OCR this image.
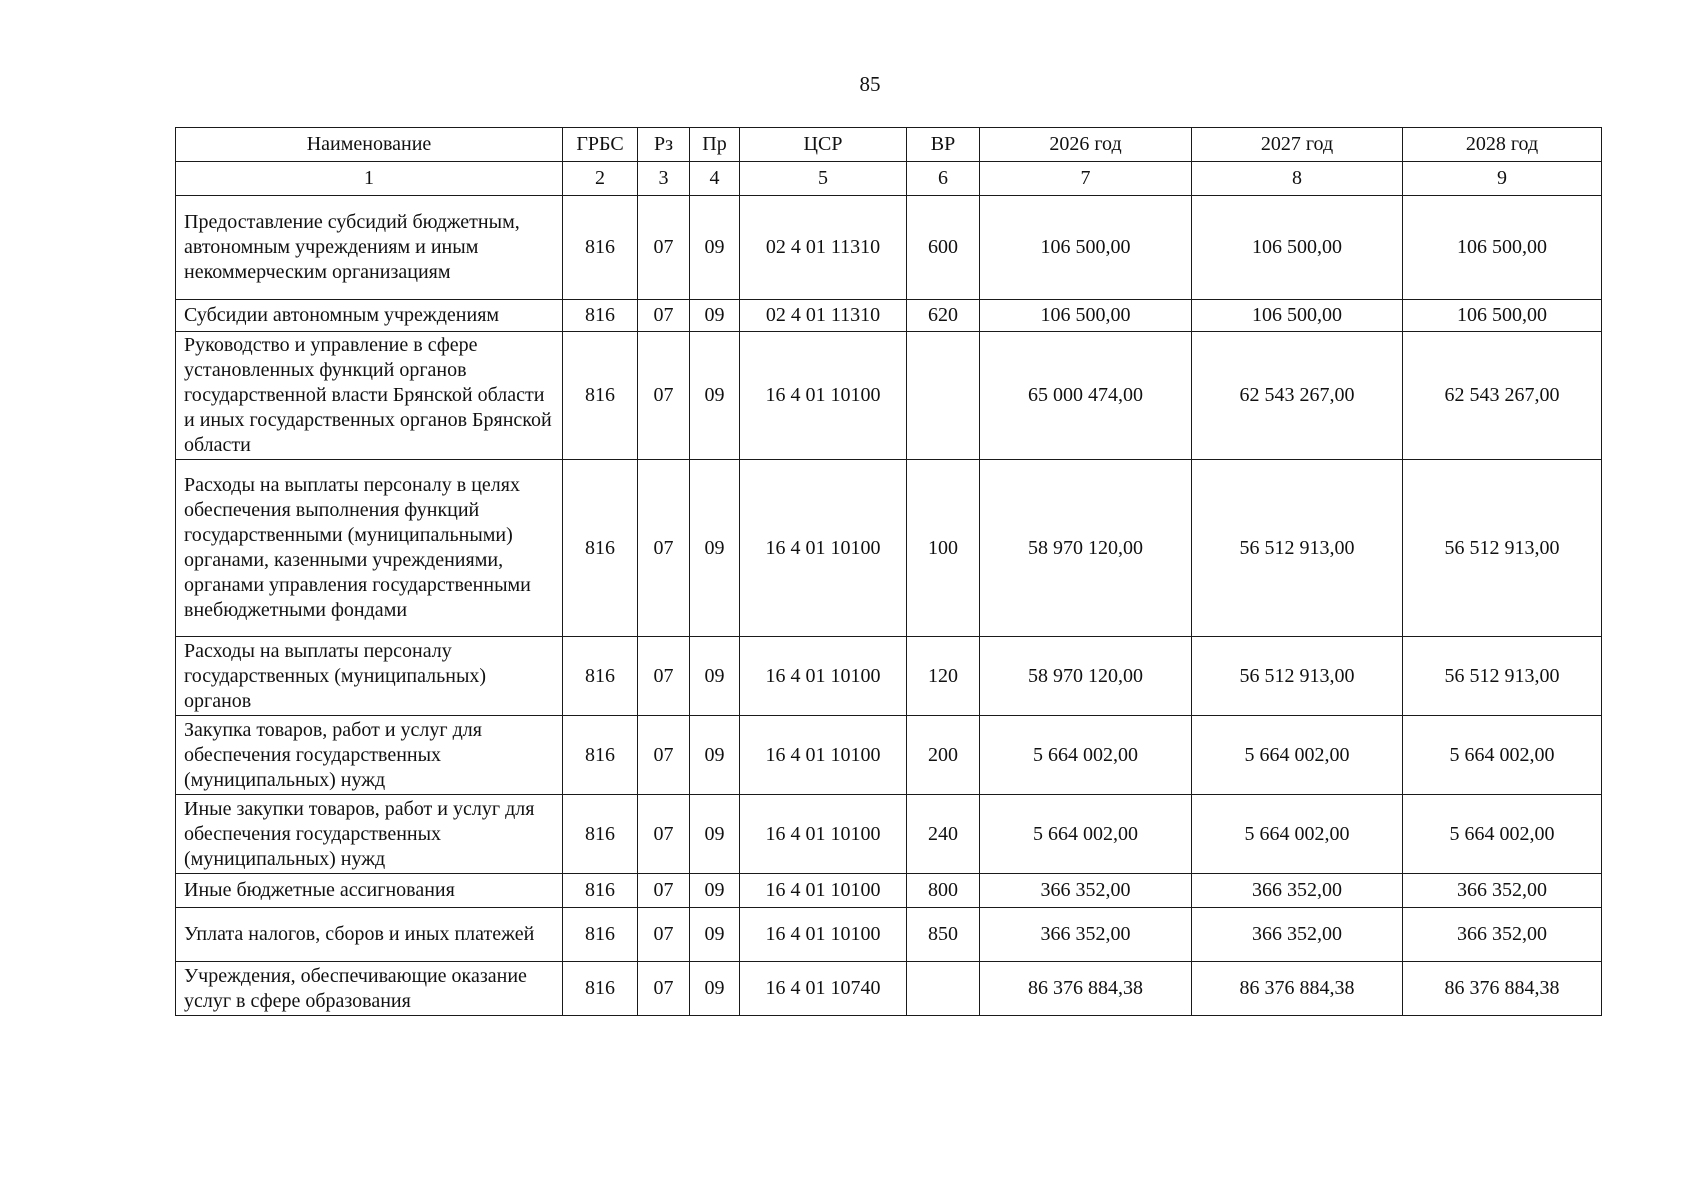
85
Наименование	ГРБС	Рз	Пр	ЦСР	ВР	2026 год	2027 год	2028 год
1	2	3	4	5	6	7	8	9
Предоставление субсидий бюджетным, автономным учреждениям и иным некоммерческим организациям	816	07	09	02 4 01 11310	600	106 500,00	106 500,00	106 500,00
Субсидии автономным учреждениям	816	07	09	02 4 01 11310	620	106 500,00	106 500,00	106 500,00
Руководство и управление в сфере установленных функций органов государственной власти Брянской области и иных государственных органов Брянской области	816	07	09	16 4 01 10100		65 000 474,00	62 543 267,00	62 543 267,00
Расходы на выплаты персоналу в целях обеспечения выполнения функций государственными (муниципальными) органами, казенными учреждениями, органами управления государственными внебюджетными фондами	816	07	09	16 4 01 10100	100	58 970 120,00	56 512 913,00	56 512 913,00
Расходы на выплаты персоналу государственных (муниципальных) органов	816	07	09	16 4 01 10100	120	58 970 120,00	56 512 913,00	56 512 913,00
Закупка товаров, работ и услуг для обеспечения государственных (муниципальных) нужд	816	07	09	16 4 01 10100	200	5 664 002,00	5 664 002,00	5 664 002,00
Иные закупки товаров, работ и услуг для обеспечения государственных (муниципальных) нужд	816	07	09	16 4 01 10100	240	5 664 002,00	5 664 002,00	5 664 002,00
Иные бюджетные ассигнования	816	07	09	16 4 01 10100	800	366 352,00	366 352,00	366 352,00
Уплата налогов, сборов и иных платежей	816	07	09	16 4 01 10100	850	366 352,00	366 352,00	366 352,00
Учреждения, обеспечивающие оказание услуг в сфере образования	816	07	09	16 4 01 10740		86 376 884,38	86 376 884,38	86 376 884,38
